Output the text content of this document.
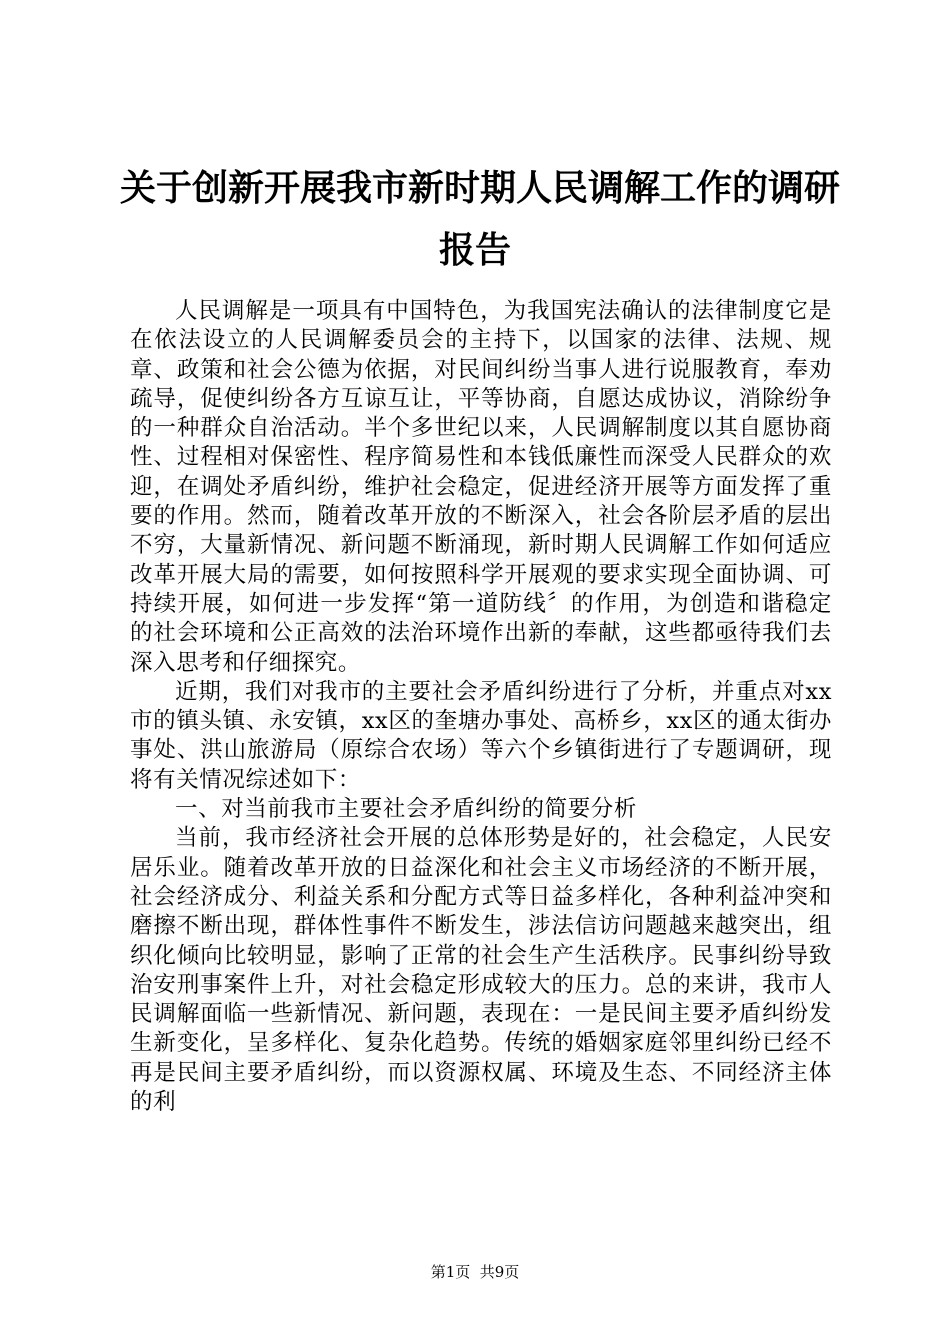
关于创新开展我市新时期人民调解工作的调研
报告

人民调解是一项具有中国特色，为我国宪法确认的法律制度它是在依法设立的人民调解委员会的主持下，以国家的法律、法规、规章、政策和社会公德为依据，对民间纠纷当事人进行说服教育，奉劝疏导，促使纠纷各方互谅互让，平等协商，自愿达成协议，消除纷争的一种群众自治活动。半个多世纪以来，人民调解制度以其自愿协商性、过程相对保密性、程序简易性和本钱低廉性而深受人民群众的欢迎，在调处矛盾纠纷，维护社会稳定，促进经济开展等方面发挥了重要的作用。然而，随着改革开放的不断深入，社会各阶层矛盾的层出不穷，大量新情况、新问题不断涌现，新时期人民调解工作如何适应改革开展大局的需要，如何按照科学开展观的要求实现全面协调、可持续开展，如何进一步发挥“第一道防线〞的作用，为创造和谐稳定的社会环境和公正高效的法治环境作出新的奉献，这些都亟待我们去深入思考和仔细探究。

近期，我们对我市的主要社会矛盾纠纷进行了分析，并重点对xx市的镇头镇、永安镇，xx区的奎塘办事处、高桥乡，xx区的通太街办事处、洪山旅游局（原综合农场）等六个乡镇街进行了专题调研，现将有关情况综述如下：

一、对当前我市主要社会矛盾纠纷的简要分析

当前，我市经济社会开展的总体形势是好的，社会稳定，人民安居乐业。随着改革开放的日益深化和社会主义市场经济的不断开展，社会经济成分、利益关系和分配方式等日益多样化，各种利益冲突和磨擦不断出现，群体性事件不断发生，涉法信访问题越来越突出，组织化倾向比较明显，影响了正常的社会生产生活秩序。民事纠纷导致治安刑事案件上升，对社会稳定形成较大的压力。总的来讲，我市人民调解面临一些新情况、新问题，表现在：一是民间主要矛盾纠纷发生新变化，呈多样化、复杂化趋势。传统的婚姻家庭邻里纠纷已经不再是民间主要矛盾纠纷，而以资源权属、环境及生态、不同经济主体的利

第1页  共9页
